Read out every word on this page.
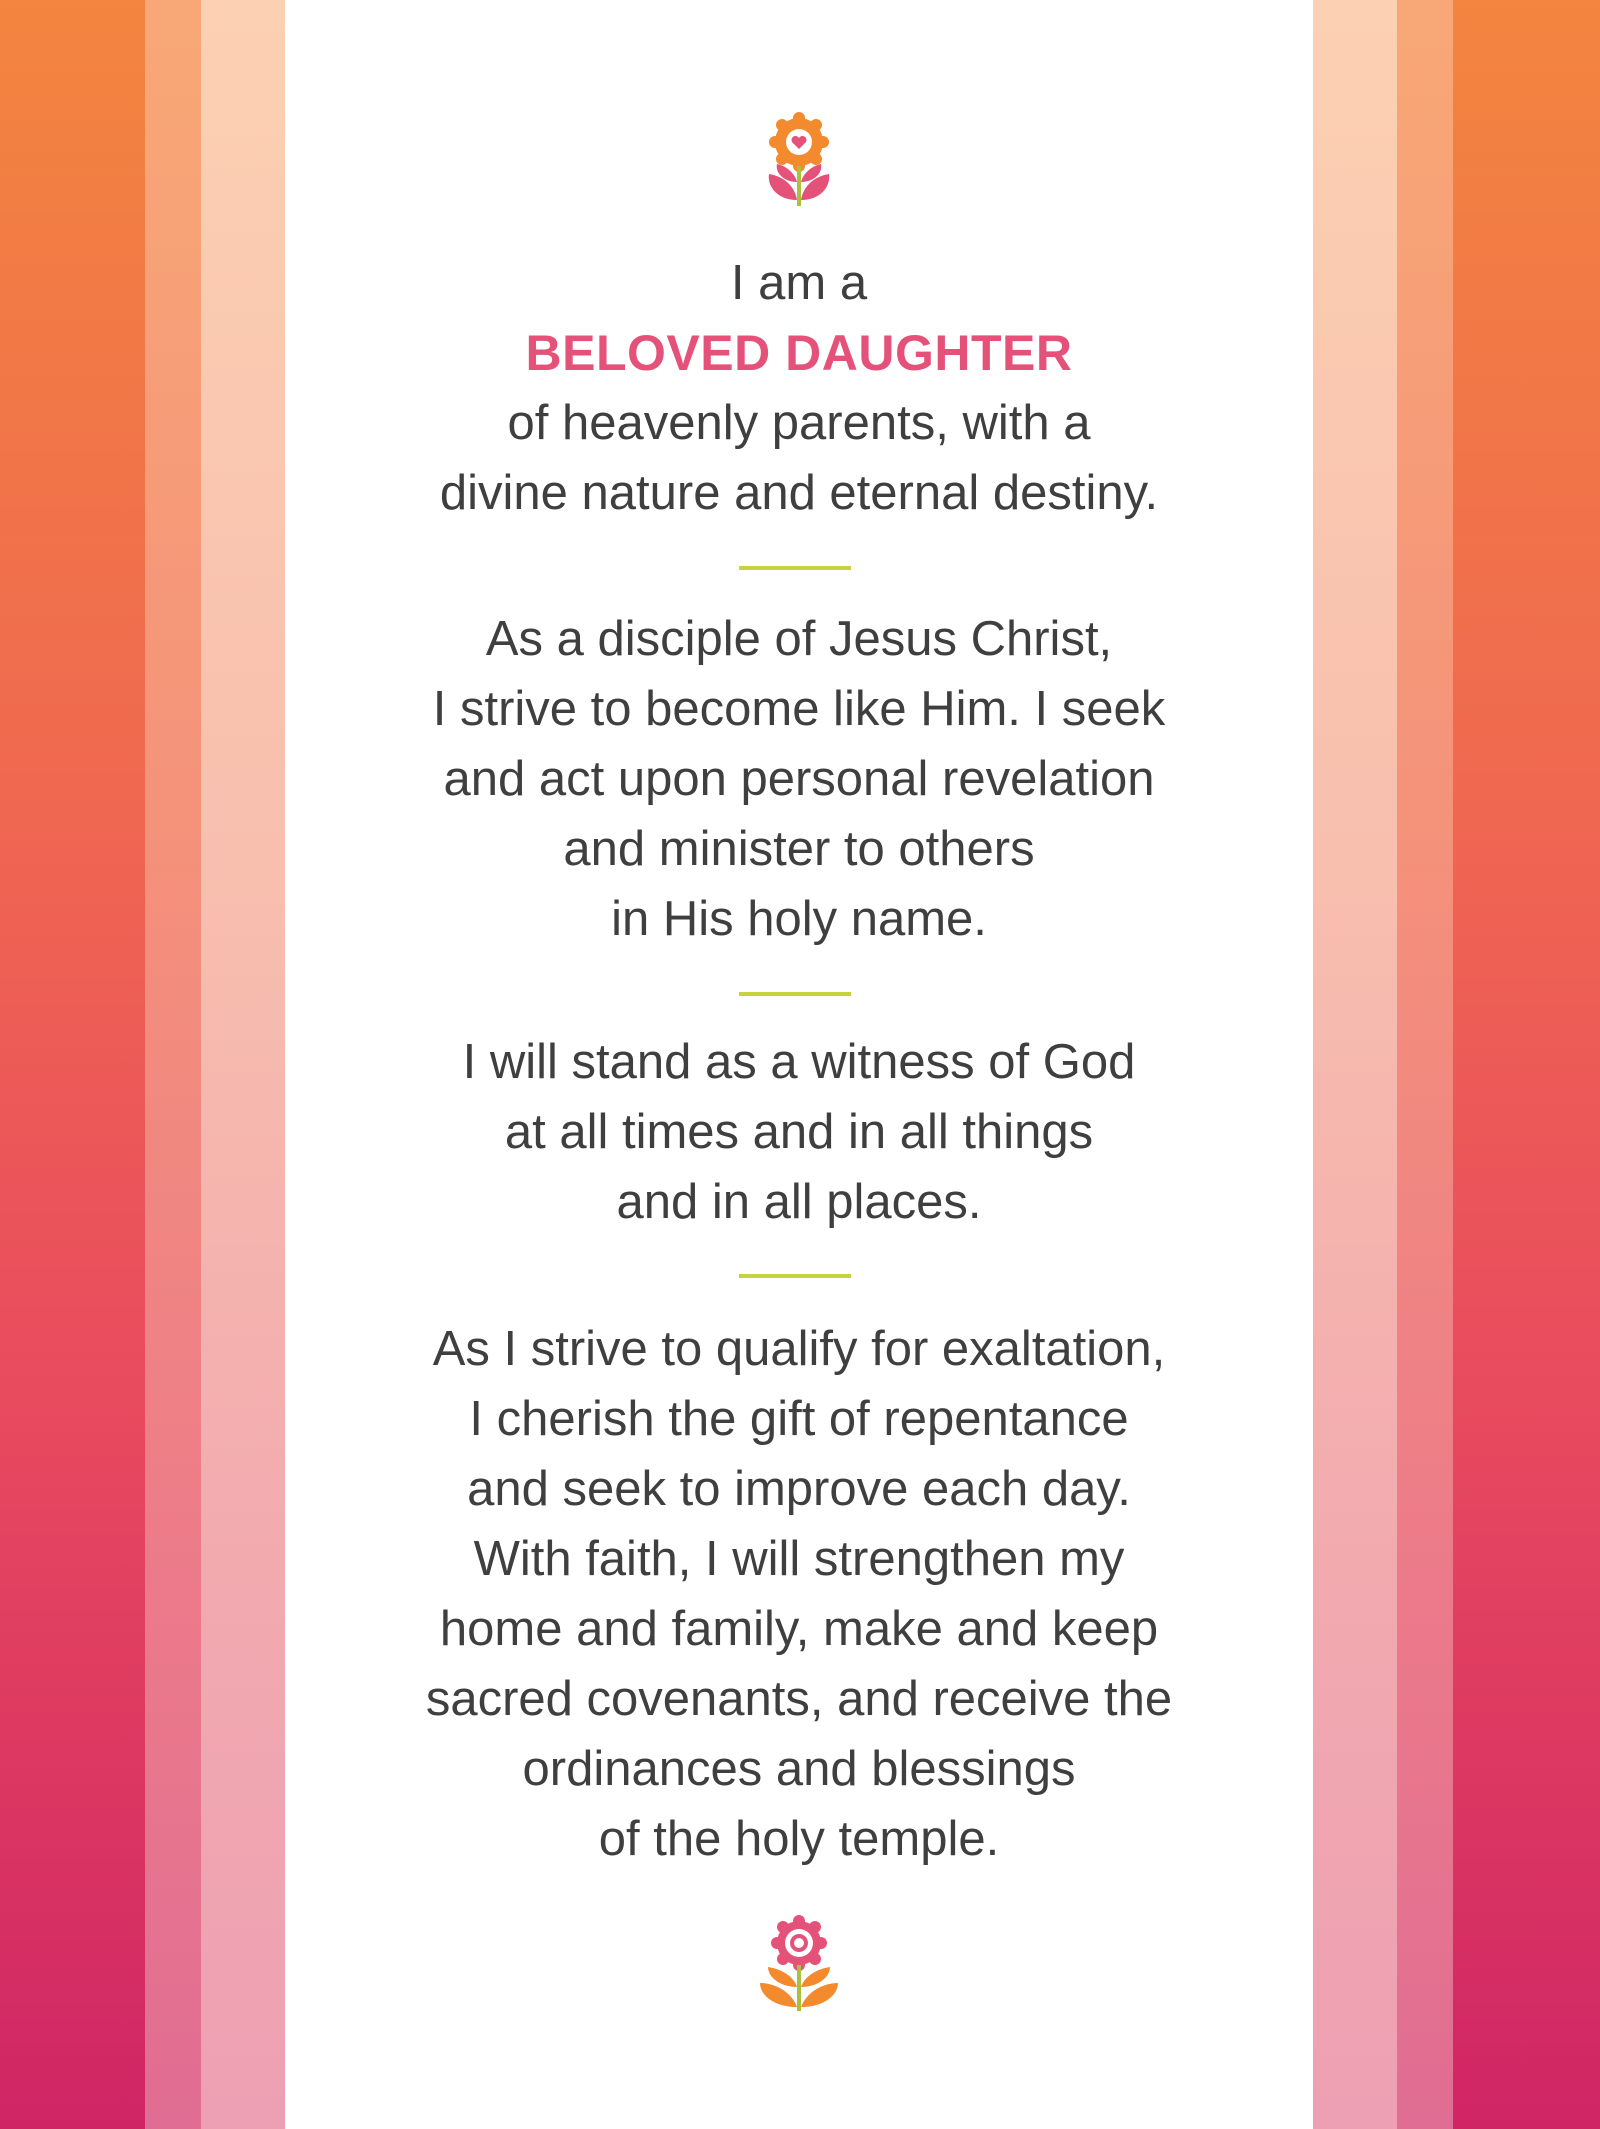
I am a
BELOVED DAUGHTER
of heavenly parents, with a
divine nature and eternal destiny.
As a disciple of Jesus Christ,
I strive to become like Him. I seek
and act upon personal revelation
and minister to others
in His holy name.
I will stand as a witness of God
at all times and in all things
and in all places.
As I strive to qualify for exaltation,
I cherish the gift of repentance
and seek to improve each day.
With faith, I will strengthen my
home and family, make and keep
sacred covenants, and receive the
ordinances and blessings
of the holy temple.
